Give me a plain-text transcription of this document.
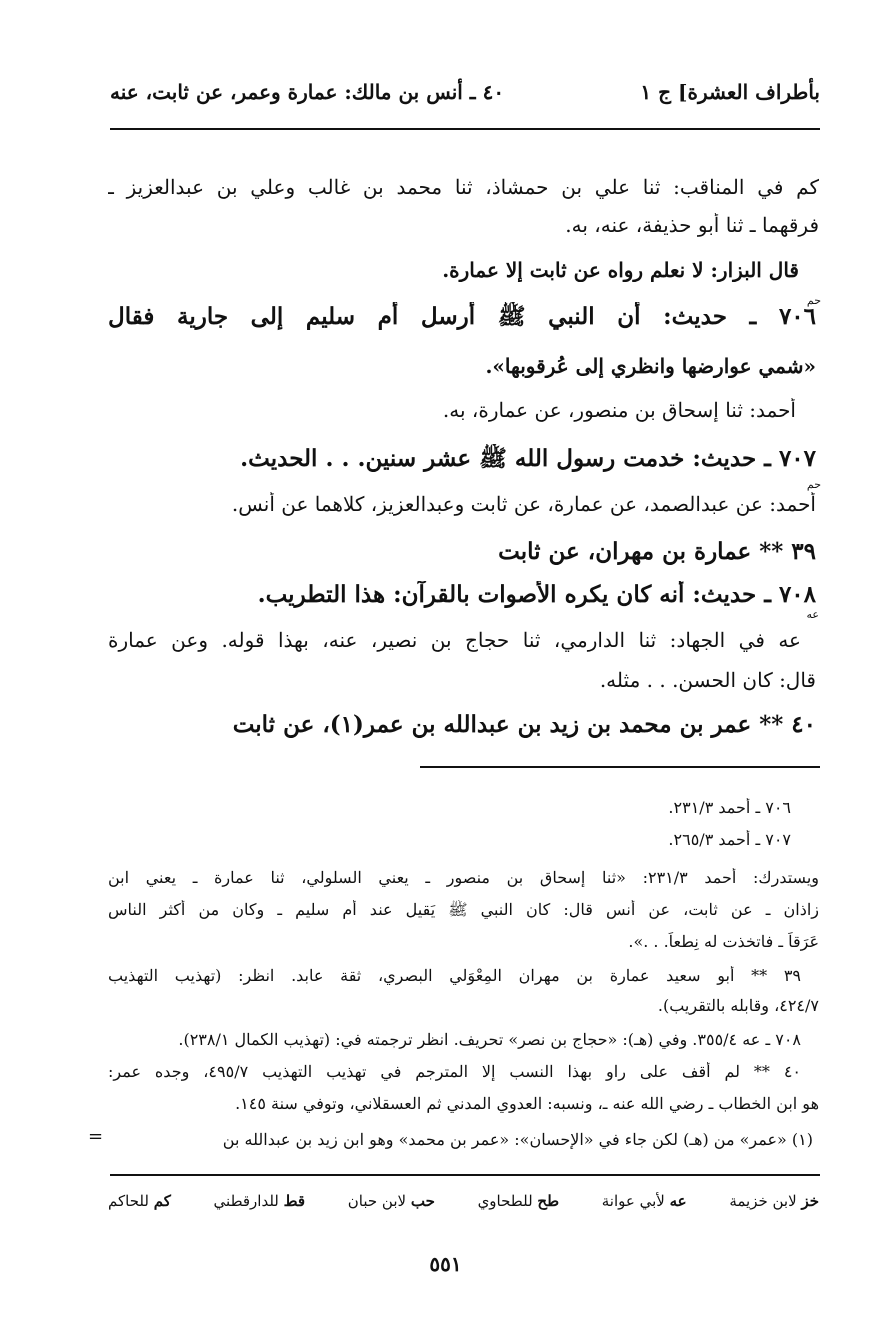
بأطراف العشرة] ج ١
٤٠ ـ أنس بن مالك: عمارة وعمر، عن ثابت، عنه
كم في المناقب: ثنا علي بن حمشاذ، ثنا محمد بن غالب وعلي بن عبدالعزيز ـ
فرقهما ـ ثنا أبو حذيفة، عنه، به.
قال البزار: لا نعلم رواه عن ثابت إلا عمارة.
حم
٧٠٦ ـ حديث: أن النبي ﷺ أرسل أم سليم إلى جارية فقال
«شمي عوارضها وانظري إلى عُرقوبها».
أحمد: ثنا إسحاق بن منصور، عن عمارة، به.
٧٠٧ ـ حديث: خدمت رسول الله ﷺ عشر سنين. . . الحديث.
حم
أحمد: عن عبدالصمد، عن عمارة، عن ثابت وعبدالعزيز، كلاهما عن أنس.
٣٩ ** عمارة بن مهران، عن ثابت
٧٠٨ ـ حديث: أنه كان يكره الأصوات بالقرآن: هذا التطريب.
عه
عه في الجهاد: ثنا الدارمي، ثنا حجاج بن نصير، عنه، بهذا قوله. وعن عمارة
قال: كان الحسن. . . مثله.
٤٠ ** عمر بن محمد بن زيد بن عبدالله بن عمر(١)، عن ثابت
٧٠٦ ـ أحمد ٢٣١/٣.
٧٠٧ ـ أحمد ٢٦٥/٣.
ويستدرك: أحمد ٢٣١/٣: «ثنا إسحاق بن منصور ـ يعني السلولي، ثنا عمارة ـ يعني ابن
زاذان ـ عن ثابت، عن أنس قال: كان النبي ﷺ يَقيل عند أم سليم ـ وكان من أكثر الناس
عَرَقاً ـ فاتخذت له نِطعاً. . .».
٣٩ ** أبو سعيد عمارة بن مهران المِعْوَلي البصري، ثقة عابد. انظر: (تهذيب التهذيب
٤٢٤/٧، وقابله بالتقريب).
٧٠٨ ـ عه ٣٥٥/٤. وفي (هـ): «حجاج بن نصر» تحريف. انظر ترجمته في: (تهذيب الكمال ٢٣٨/١).
٤٠ ** لم أقف على راو بهذا النسب إلا المترجم في تهذيب التهذيب ٤٩٥/٧، وجده عمر:
هو ابن الخطاب ـ رضي الله عنه ـ، ونسبه: العدوي المدني ثم العسقلاني، وتوفي سنة ١٤٥.
(١) «عمر» من (هـ) لكن جاء في «الإحسان»: «عمر بن محمد» وهو ابن زيد بن عبدالله بن
=
خز لابن خزيمة
عه لأبي عوانة
طح للطحاوي
حب لابن حبان
قط للدارقطني
كم للحاكم
٥٥١
